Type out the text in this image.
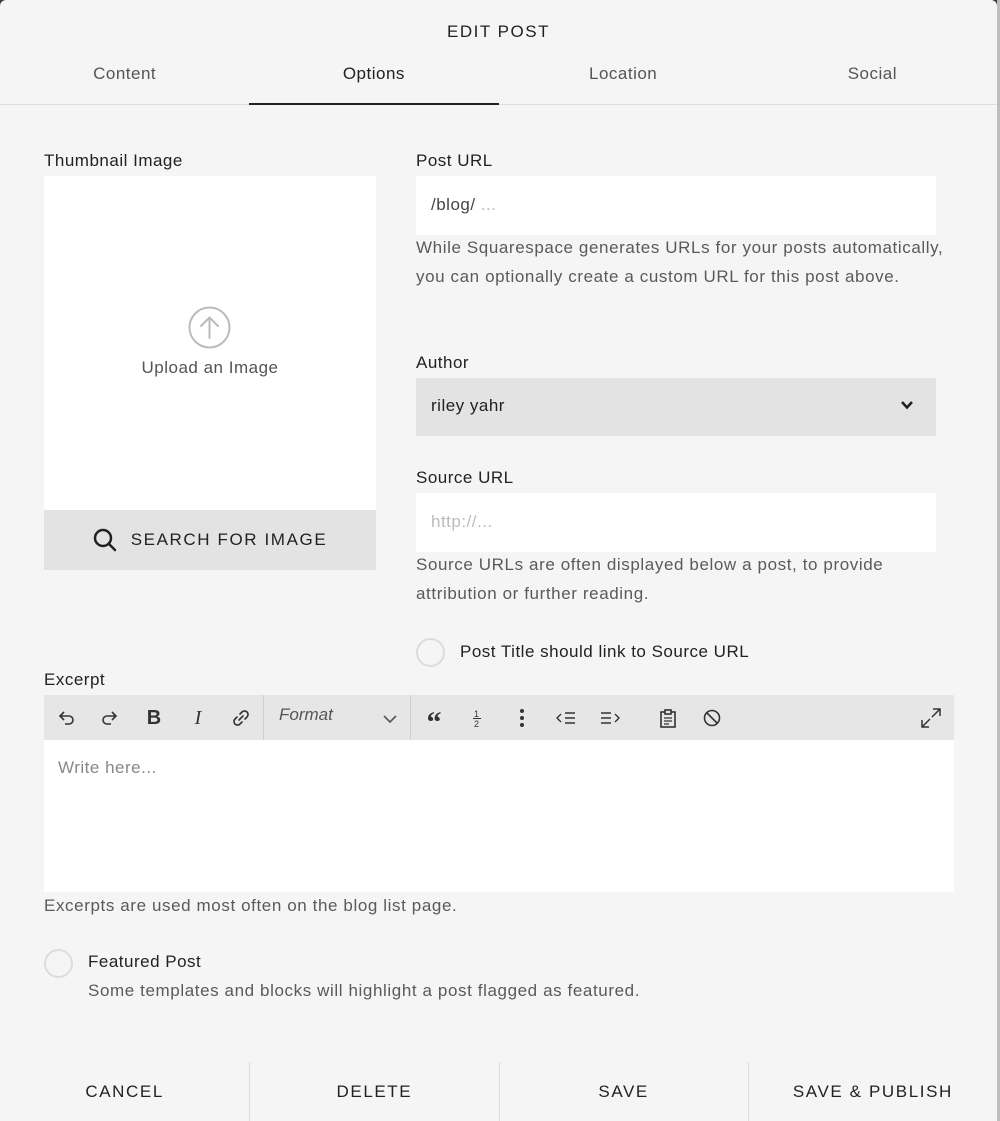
EDIT POST
Content	Options	Location	Social
Thumbnail Image
Upload an Image
SEARCH FOR IMAGE
Post URL
/blog/ ...
While Squarespace generates URLs for your posts automatically, you can optionally create a custom URL for this post above.
Author
riley yahr
Source URL
http://...
Source URLs are often displayed below a post, to provide attribution or further reading.
Post Title should link to Source URL
Excerpt
B	I	Format	“	1
2
Write here...
Excerpts are used most often on the blog list page.
Featured Post
Some templates and blocks will highlight a post flagged as featured.
CANCEL	DELETE	SAVE	SAVE & PUBLISH
